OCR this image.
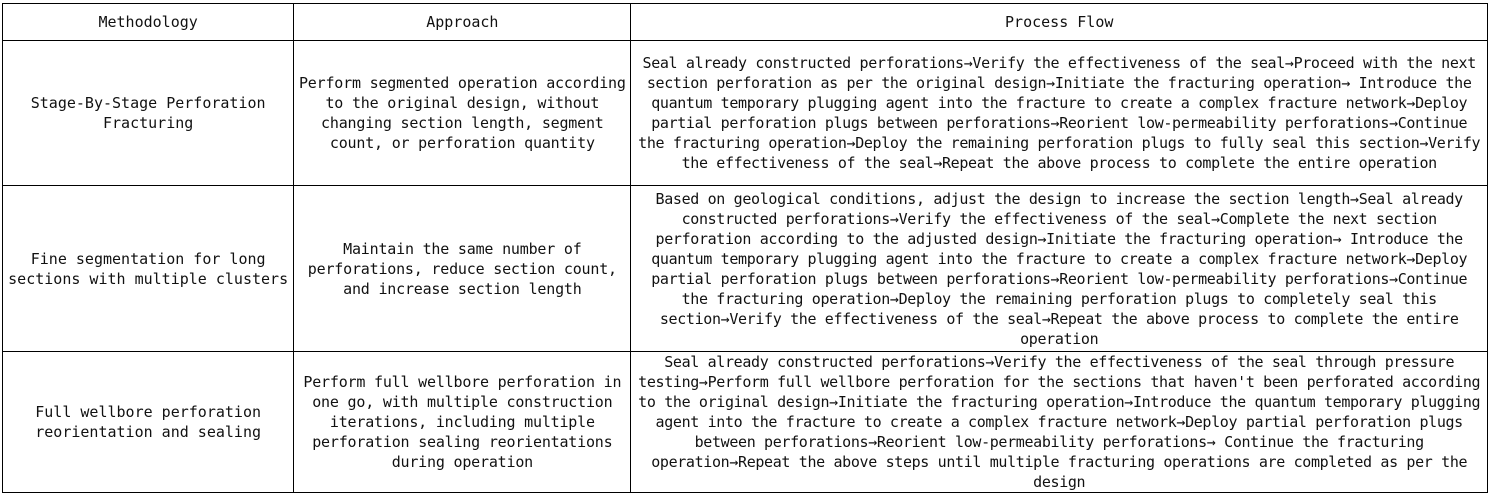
Methodology	Approach	Process Flow
Stage-By-Stage Perforation Fracturing	Perform segmented operation according to the original design, without changing section length, segment count, or perforation quantity	Seal already constructed perforations→Verify the effectiveness of the seal→Proceed with the next section perforation as per the original design→Initiate the fracturing operation→ Introduce the quantum temporary plugging agent into the fracture to create a complex fracture network→Deploy partial perforation plugs between perforations→Reorient low-permeability perforations→Continue the fracturing operation→Deploy the remaining perforation plugs to fully seal this section→Verify the effectiveness of the seal→Repeat the above process to complete the entire operation
Fine segmentation for long sections with multiple clusters	Maintain the same number of perforations, reduce section count, and increase section length	Based on geological conditions, adjust the design to increase the section length→Seal already constructed perforations→Verify the effectiveness of the seal→Complete the next section perforation according to the adjusted design→Initiate the fracturing operation→ Introduce the quantum temporary plugging agent into the fracture to create a complex fracture network→Deploy partial perforation plugs between perforations→Reorient low-permeability perforations→Continue the fracturing operation→Deploy the remaining perforation plugs to completely seal this section→Verify the effectiveness of the seal→Repeat the above process to complete the entire operation
Full wellbore perforation reorientation and sealing	Perform full wellbore perforation in one go, with multiple construction iterations, including multiple perforation sealing reorientations during operation	Seal already constructed perforations→Verify the effectiveness of the seal through pressure testing→Perform full wellbore perforation for the sections that haven't been perforated according to the original design→Initiate the fracturing operation→Introduce the quantum temporary plugging agent into the fracture to create a complex fracture network→Deploy partial perforation plugs between perforations→Reorient low-permeability perforations→ Continue the fracturing operation→Repeat the above steps until multiple fracturing operations are completed as per the design
